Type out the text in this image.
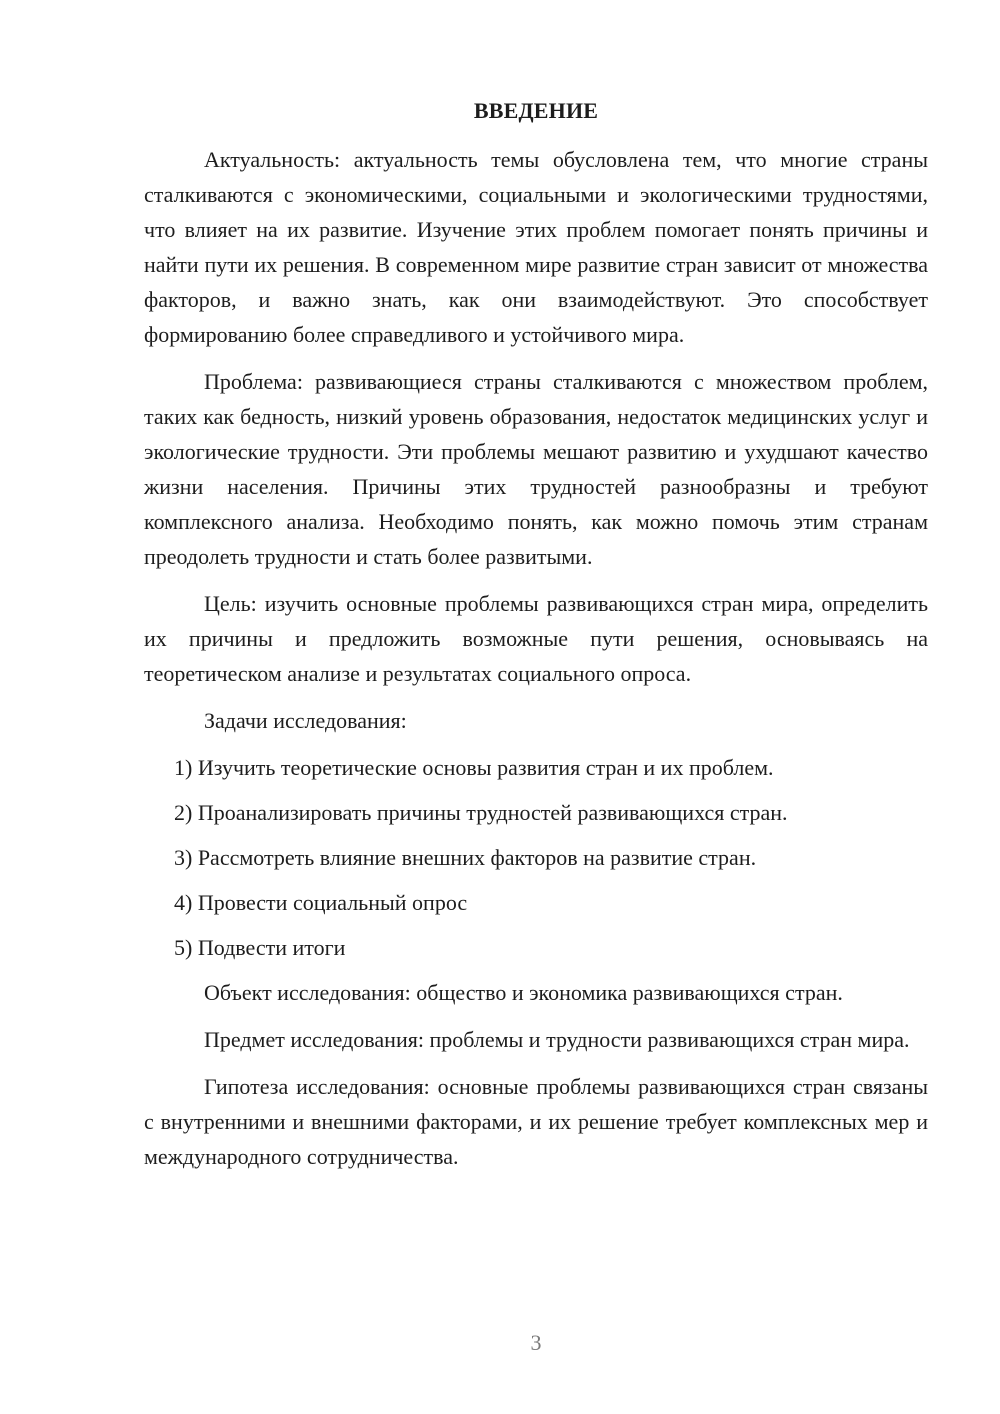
ВВЕДЕНИЕ

Актуальность: актуальность темы обусловлена тем, что многие страны сталкиваются с экономическими, социальными и экологическими трудностями, что влияет на их развитие. Изучение этих проблем помогает понять причины и найти пути их решения. В современном мире развитие стран зависит от множества факторов, и важно знать, как они взаимодействуют. Это способствует формированию более справедливого и устойчивого мира.

Проблема: развивающиеся страны сталкиваются с множеством проблем, таких как бедность, низкий уровень образования, недостаток медицинских услуг и экологические трудности. Эти проблемы мешают развитию и ухудшают качество жизни населения. Причины этих трудностей разнообразны и требуют комплексного анализа. Необходимо понять, как можно помочь этим странам преодолеть трудности и стать более развитыми.

Цель: изучить основные проблемы развивающихся стран мира, определить их причины и предложить возможные пути решения, основываясь на теоретическом анализе и результатах социального опроса.

Задачи исследования:

1) Изучить теоретические основы развития стран и их проблем.
2) Проанализировать причины трудностей развивающихся стран.
3) Рассмотреть влияние внешних факторов на развитие стран.
4) Провести социальный опрос
5) Подвести итоги

Объект исследования: общество и экономика развивающихся стран.

Предмет исследования: проблемы и трудности развивающихся стран мира.

Гипотеза исследования: основные проблемы развивающихся стран связаны с внутренними и внешними факторами, и их решение требует комплексных мер и международного сотрудничества.

3
